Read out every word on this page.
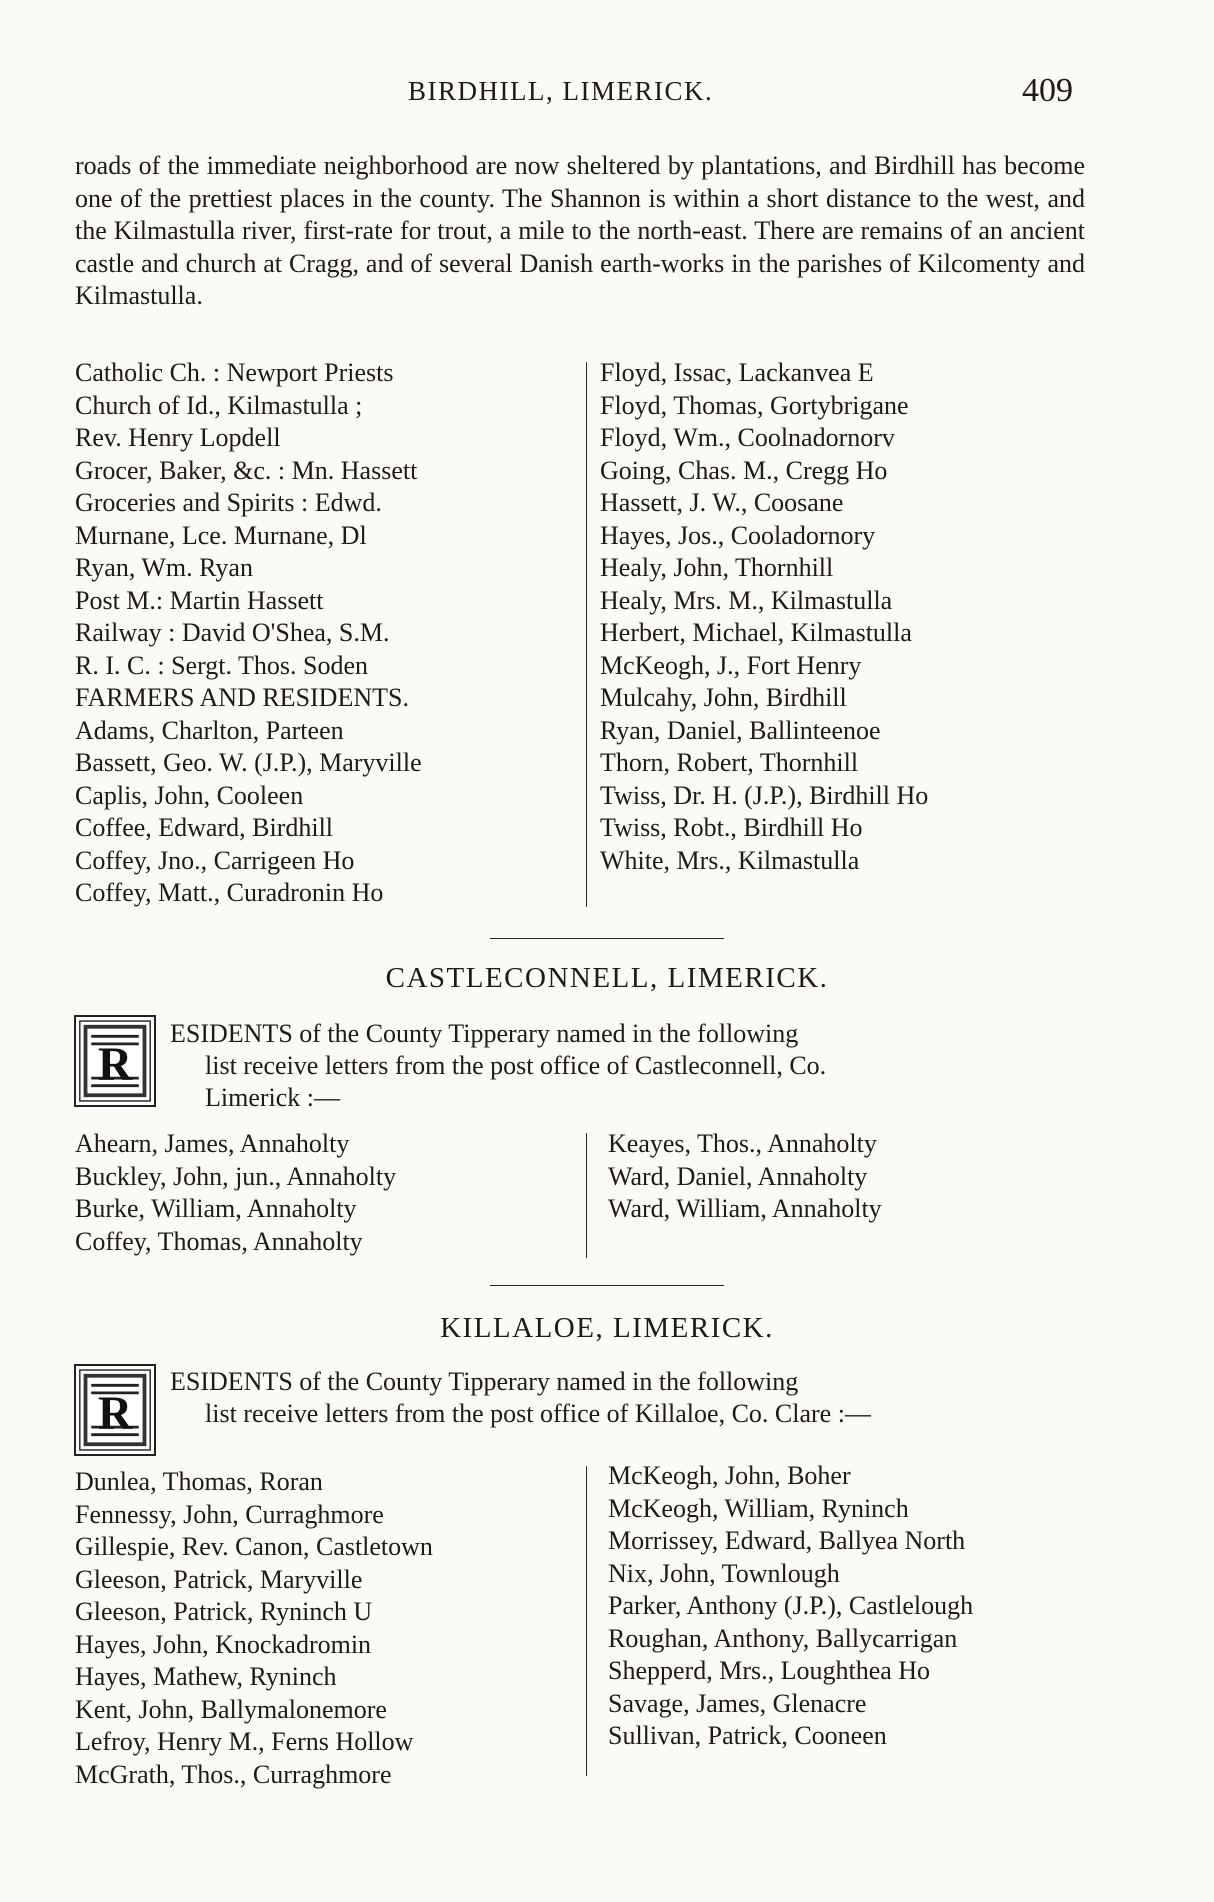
BIRDHILL, LIMERICK.	409

roads of the immediate neighborhood are now sheltered by plantations, and Birdhill has become one of the prettiest places in the county. The Shannon is within a short distance to the west, and the Kilmastulla river, first-rate for trout, a mile to the north-east. There are remains of an ancient castle and church at Cragg, and of several Danish earth-works in the parishes of Kilcomenty and Kilmastulla.

Catholic Ch. : Newport Priests
Church of Id., Kilmastulla ;
Rev. Henry Lopdell
Grocer, Baker, &c. : Mn. Hassett
Groceries and Spirits : Edwd.
Murnane, Lce. Murnane, Dl
Ryan, Wm. Ryan
Post M.: Martin Hassett
Railway : David O'Shea, S.M.
R. I. C. : Sergt. Thos. Soden
FARMERS AND RESIDENTS.
Adams, Charlton, Parteen
Bassett, Geo. W. (J.P.), Maryville
Caplis, John, Cooleen
Coffee, Edward, Birdhill
Coffey, Jno., Carrigeen Ho
Coffey, Matt., Curadronin Ho
Floyd, Issac, Lackanvea E
Floyd, Thomas, Gortybrigane
Floyd, Wm., Coolnadornorv
Going, Chas. M., Cregg Ho
Hassett, J. W., Coosane
Hayes, Jos., Cooladornory
Healy, John, Thornhill
Healy, Mrs. M., Kilmastulla
Herbert, Michael, Kilmastulla
McKeogh, J., Fort Henry
Mulcahy, John, Birdhill
Ryan, Daniel, Ballinteenoe
Thorn, Robert, Thornhill
Twiss, Dr. H. (J.P.), Birdhill Ho
Twiss, Robt., Birdhill Ho
White, Mrs., Kilmastulla
CASTLECONNELL, LIMERICK.
R
ESIDENTS of the County Tipperary named in the following
list receive letters from the post office of Castleconnell, Co.
Limerick :—
Ahearn, James, Annaholty
Buckley, John, jun., Annaholty
Burke, William, Annaholty
Coffey, Thomas, Annaholty
Keayes, Thos., Annaholty
Ward, Daniel, Annaholty
Ward, William, Annaholty
KILLALOE, LIMERICK.
R
ESIDENTS of the County Tipperary named in the following
list receive letters from the post office of Killaloe, Co. Clare :—
Dunlea, Thomas, Roran
Fennessy, John, Curraghmore
Gillespie, Rev. Canon, Castletown
Gleeson, Patrick, Maryville
Gleeson, Patrick, Ryninch U
Hayes, John, Knockadromin
Hayes, Mathew, Ryninch
Kent, John, Ballymalonemore
Lefroy, Henry M., Ferns Hollow
McGrath, Thos., Curraghmore
McKeogh, John, Boher
McKeogh, William, Ryninch
Morrissey, Edward, Ballyea North
Nix, John, Townlough
Parker, Anthony (J.P.), Castlelough
Roughan, Anthony, Ballycarrigan
Shepperd, Mrs., Loughthea Ho
Savage, James, Glenacre
Sullivan, Patrick, Cooneen
